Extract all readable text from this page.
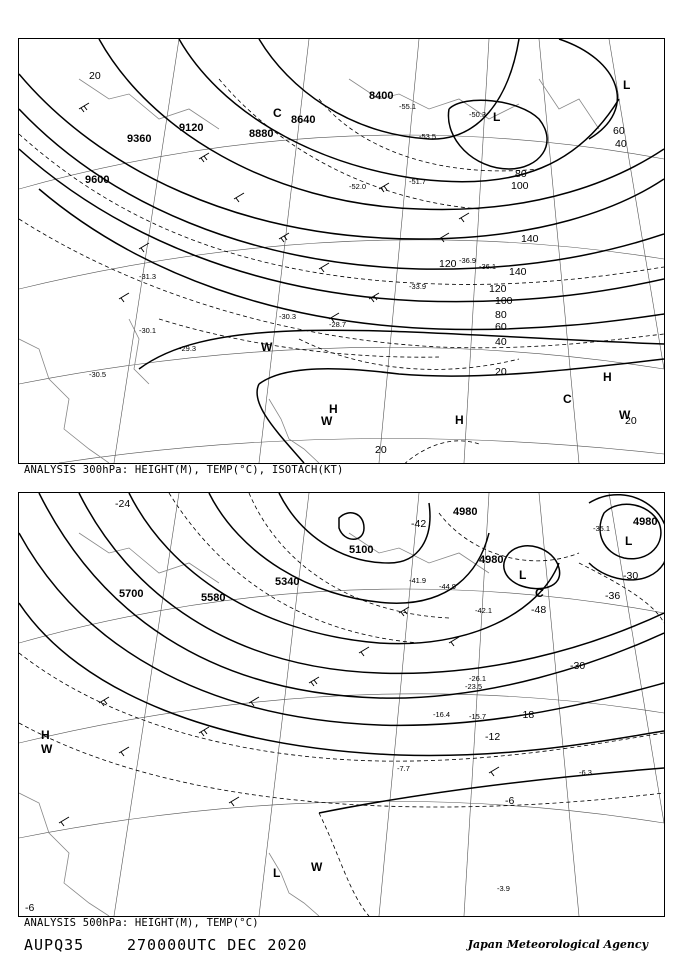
9600
9360
9120	8880
8640
8400
140
120
100
80
60
40
20
20
20
20
40
60
80
100
120
140
-31.3
-30.1
-29.3
-30.5
-30.3
-28.7
-33.9
-36.9
-36.1
-50.3
-53.5
-52.0
-51.7
-55.1
L
L
H
H
H
C
C
W
W	W
ANALYSIS 300hPa: HEIGHT(M), TEMP(°C), ISOTACH(KT)
5700	5580
5340
5100
4980
4980
4980
-48
-42
-36
-30
-30
-24
-18
-12
-6
-6
-7.7	-6.3
-3.9
-26.1
-23.5
-35.1
-41.9
-42.1
-44.9
-16.4	-15.7
H
L
L
L
C
W
W
ANALYSIS 500hPa: HEIGHT(M), TEMP(°C)
AUPQ35	270000UTC DEC 2020	Japan Meteorological Agency
